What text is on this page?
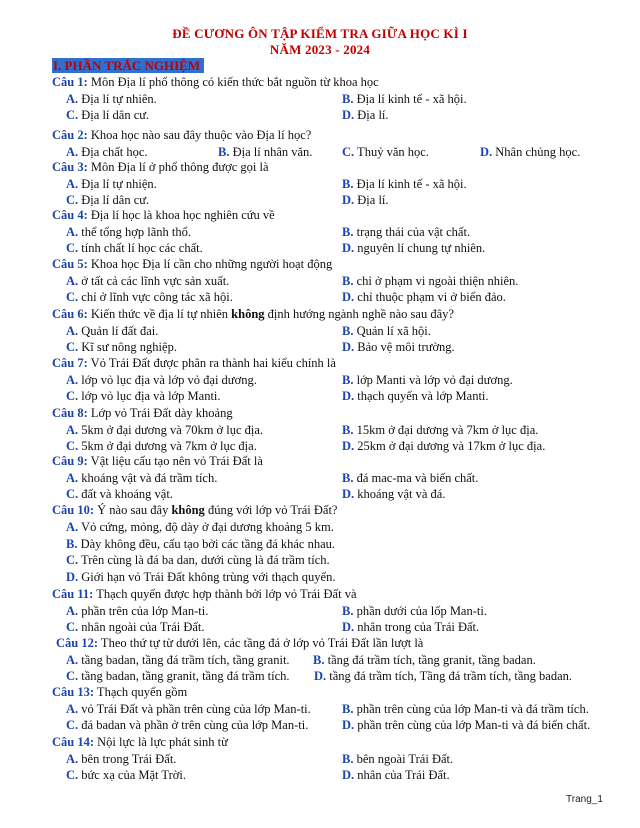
ĐỀ CƯƠNG ÔN TẬP KIỂM TRA GIỮA HỌC KÌ I
NĂM 2023 - 2024
I. PHẦN TRẮC NGHIỆM
Câu 1: Môn Địa lí phổ thông có kiến thức bắt nguồn từ khoa học
A. Địa lí tự nhiên.	B. Địa lí kinh tế - xã hội.
C. Địa lí dân cư.	D. Địa lí.
Câu 2: Khoa học nào sau đây thuộc vào Địa lí học?
A. Địa chất học.	B. Địa lí nhân văn. C. Thuỷ văn học.	D. Nhân chủng học.
Câu 3: Môn Địa lí ở phổ thông được gọi là
A. Địa lí tự nhiện.	B. Địa lí kinh tế - xã hội.
C. Địa lí dân cư.	D. Địa lí.
Câu 4: Địa lí học là khoa học nghiên cứu về
A. thể tổng hợp lãnh thổ.	B. trạng thái của vật chất.
C. tính chất lí học các chất.	D. nguyên lí chung tự nhiên.
Câu 5: Khoa học Địa lí cần cho những người hoạt động
A. ở tất cả các lĩnh vực sản xuất.	B. chỉ ở phạm vi ngoài thiện nhiên.
C. chỉ ở lĩnh vực công tác xã hội.	D. chỉ thuộc phạm vi ở biển đảo.
Câu 6: Kiến thức về địa lí tự nhiên không định hướng ngành nghề nào sau đây?
A. Quản lí đất đai.	B. Quản lí xã hội.
C. Kĩ sư nông nghiệp.	D. Bảo vệ môi trường.
Câu 7: Vỏ Trái Đất được phân ra thành hai kiểu chính là
A. lớp vỏ lục địa và lớp vỏ đại dương.	B. lớp Manti và lớp vỏ đại dương.
C. lớp vỏ lục địa và lớp Manti.	D. thạch quyển và lớp Manti.
Câu 8: Lớp vỏ Trái Đất dày khoảng
A. 5km ở đại dương và 70km ở lục địa.	B. 15km ở đại dương và 7km ở lục địa.
C. 5km ở đại dương và 7km ở lục địa.	D. 25km ở đại dương và 17km ở lục địa.
Câu 9: Vật liệu cấu tạo nên vỏ Trái Đất là
A. khoáng vật và đá trầm tích.	B. đá mac-ma và biến chất.
C. đất và khoáng vật.	D. khoáng vật và đá.
Câu 10: Ý nào sau đây không đúng với lớp vỏ Trái Đất?
A. Vỏ cứng, mỏng, độ dày ở đại dương khoảng 5 km.
B. Dày không đều, cấu tạo bởi các tầng đá khác nhau.
C. Trên cùng là đá ba dan, dưới cùng là đá trầm tích.
D. Giới hạn vỏ Trái Đất không trùng với thạch quyển.
Câu 11: Thạch quyển được hợp thành bởi lớp vỏ Trái Đất và
A. phần trên của lớp Man-ti.	B. phần dưới của lốp Man-ti.
C. nhân ngoài của Trái Đất.	D. nhân trong của Trái Đất.
Câu 12: Theo thứ tự từ dưới lên, các tầng đá ở lớp vỏ Trái Đất lần lượt là
A. tầng badan, tầng đá trầm tích, tầng granit. B. tầng đá trầm tích, tầng granit, tầng badan.
C. tầng badan, tầng granit, tầng đá trầm tích. D. tầng đá trầm tích, Tầng đá trầm tích, tầng badan.
Câu 13: Thạch quyển gồm
A. vỏ Trái Đất và phần trên cùng của lớp Man-ti. B. phần trên cùng của lớp Man-ti và đá trầm tích.
C. đá badan và phần ở trên cùng của lớp Man-ti.	D. phần trên cùng của lớp Man-ti và đá biến chất.
Câu 14: Nội lực là lực phát sinh từ
A. bên trong Trái Đất.	B. bên ngoài Trái Đất.
C. bức xạ của Mặt Trời.	D. nhân của Trái Đất.
Trang_1
